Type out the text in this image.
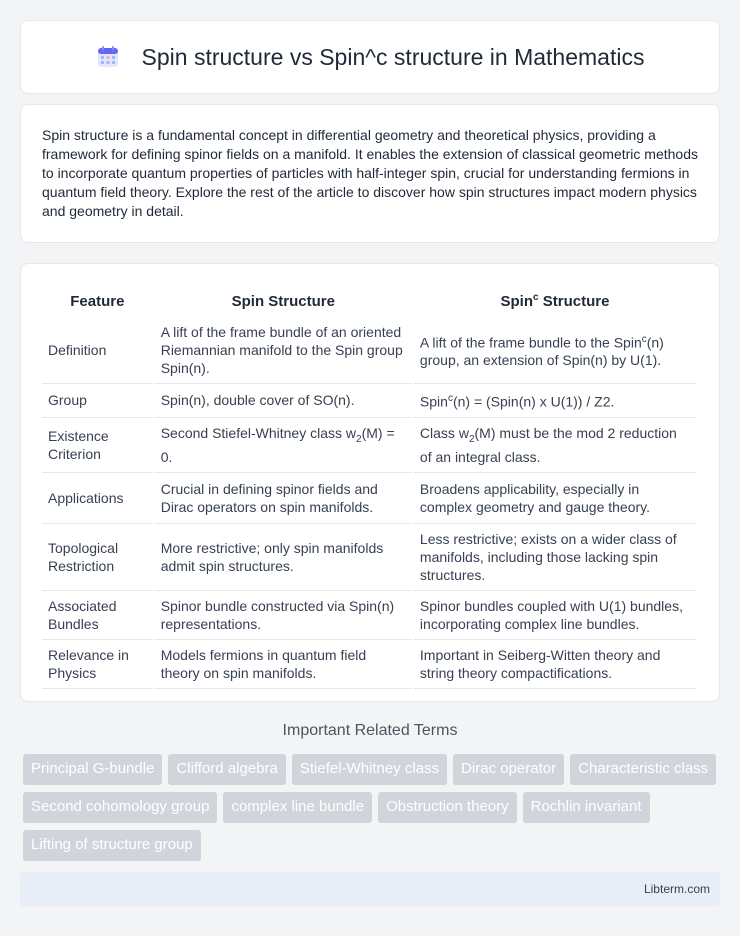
Spin structure vs Spin^c structure in Mathematics

Spin structure is a fundamental concept in differential geometry and theoretical physics, providing a framework for defining spinor fields on a manifold. It enables the extension of classical geometric methods to incorporate quantum properties of particles with half-integer spin, crucial for understanding fermions in quantum field theory. Explore the rest of the article to discover how spin structures impact modern physics and geometry in detail.

Feature	Spin Structure	Spin$^c$ Structure
Definition	A lift of the frame bundle of an oriented Riemannian manifold to the Spin group Spin(n).	A lift of the frame bundle to the Spin$^c$(n) group, an extension of Spin(n) by U(1).
Group	Spin(n), double cover of SO(n).	Spin$^c$(n) = (Spin(n) x U(1)) / Z2.
Existence Criterion	Second Stiefel-Whitney class $w_2(M) = 0$.	Class $w_2(M)$ must be the mod 2 reduction of an integral class.
Applications	Crucial in defining spinor fields and Dirac operators on spin manifolds.	Broadens applicability, especially in complex geometry and gauge theory.
Topological Restriction	More restrictive; only spin manifolds admit spin structures.	Less restrictive; exists on a wider class of manifolds, including those lacking spin structures.
Associated Bundles	Spinor bundle constructed via Spin(n) representations.	Spinor bundles coupled with U(1) bundles, incorporating complex line bundles.
Relevance in Physics	Models fermions in quantum field theory on spin manifolds.	Important in Seiberg-Witten theory and string theory compactifications.
Important Related Terms
Principal G-bundle	Clifford algebra	Stiefel-Whitney class	Dirac operator	Characteristic class
Second cohomology group	complex line bundle	Obstruction theory	Rochlin invariant
Lifting of structure group
Libterm.com
